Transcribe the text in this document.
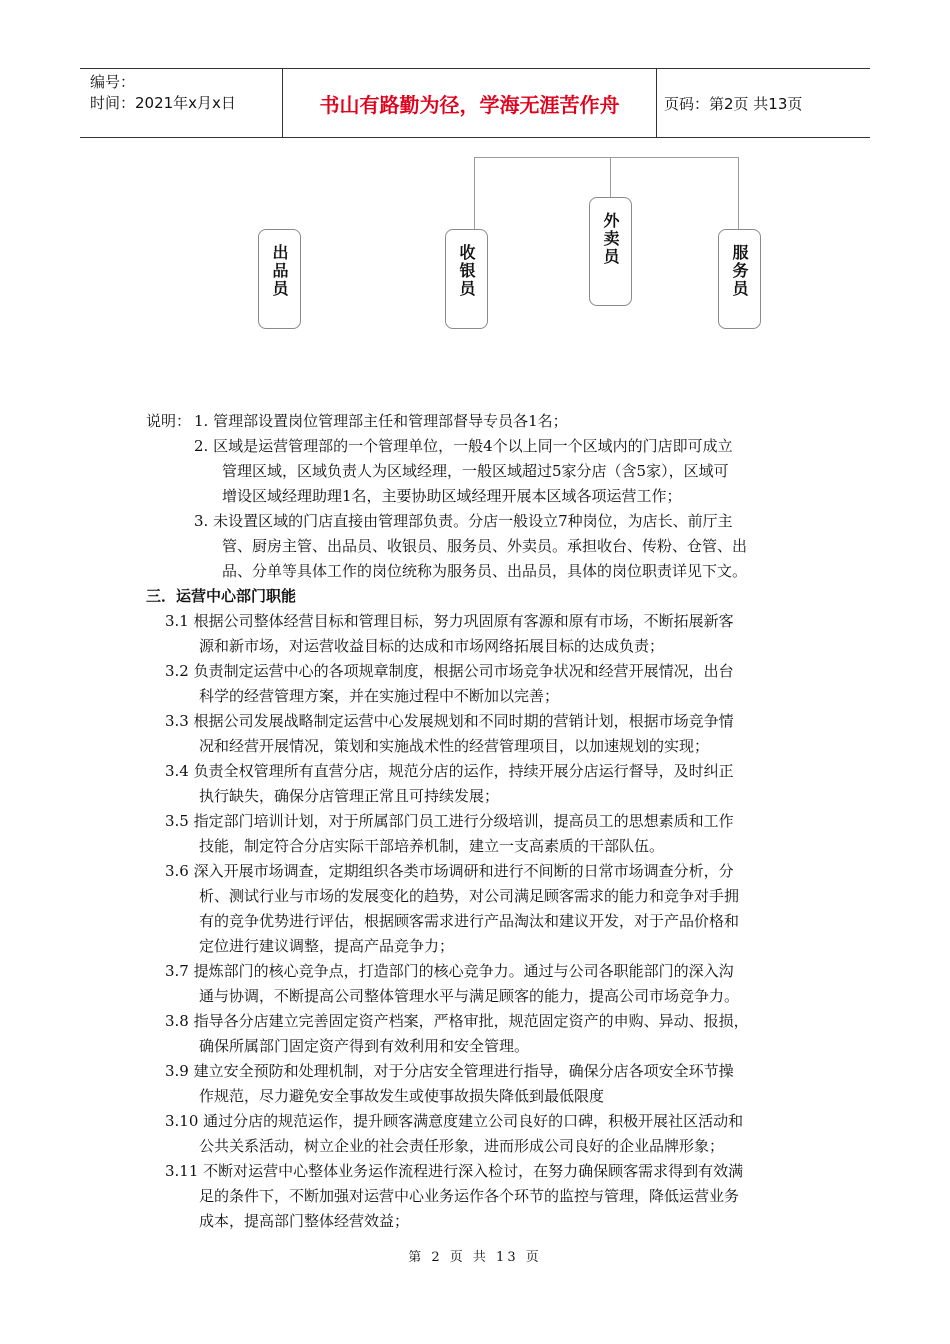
编号：
时间：2021年x月x日	书山有路勤为径，学海无涯苦作舟	页码：第2页 共13页
出品员	收银员
外卖员
服务员
说明： 1. 管理部设置岗位管理部主任和管理部督导专员各1名；
2. 区域是运营管理部的一个管理单位，一般4个以上同一个区域内的门店即可成立
管理区域，区域负责人为区域经理，一般区域超过5家分店（含5家），区域可
增设区域经理助理1名，主要协助区域经理开展本区域各项运营工作；
3. 未设置区域的门店直接由管理部负责。分店一般设立7种岗位，为店长、前厅主
管、厨房主管、出品员、收银员、服务员、外卖员。承担收台、传粉、仓管、出
品、分单等具体工作的岗位统称为服务员、出品员，具体的岗位职责详见下文。
三．运营中心部门职能
3.1 根据公司整体经营目标和管理目标，努力巩固原有客源和原有市场，不断拓展新客
源和新市场，对运营收益目标的达成和市场网络拓展目标的达成负责；
3.2 负责制定运营中心的各项规章制度，根据公司市场竞争状况和经营开展情况，出台
科学的经营管理方案，并在实施过程中不断加以完善；
3.3 根据公司发展战略制定运营中心发展规划和不同时期的营销计划，根据市场竞争情
况和经营开展情况，策划和实施战术性的经营管理项目，以加速规划的实现；
3.4 负责全权管理所有直营分店，规范分店的运作，持续开展分店运行督导，及时纠正
执行缺失，确保分店管理正常且可持续发展；
3.5 指定部门培训计划，对于所属部门员工进行分级培训，提高员工的思想素质和工作
技能，制定符合分店实际干部培养机制，建立一支高素质的干部队伍。
3.6 深入开展市场调查，定期组织各类市场调研和进行不间断的日常市场调查分析，分
析、测试行业与市场的发展变化的趋势，对公司满足顾客需求的能力和竞争对手拥
有的竞争优势进行评估，根据顾客需求进行产品淘汰和建议开发，对于产品价格和
定位进行建议调整，提高产品竞争力；
3.7 提炼部门的核心竞争点，打造部门的核心竞争力。通过与公司各职能部门的深入沟
通与协调，不断提高公司整体管理水平与满足顾客的能力，提高公司市场竞争力。
3.8 指导各分店建立完善固定资产档案，严格审批，规范固定资产的申购、异动、报损，
确保所属部门固定资产得到有效利用和安全管理。
3.9 建立安全预防和处理机制，对于分店安全管理进行指导，确保分店各项安全环节操
作规范，尽力避免安全事故发生或使事故损失降低到最低限度
3.10 通过分店的规范运作，提升顾客满意度建立公司良好的口碑，积极开展社区活动和
公共关系活动，树立企业的社会责任形象，进而形成公司良好的企业品牌形象；
3.11 不断对运营中心整体业务运作流程进行深入检讨，在努力确保顾客需求得到有效满
足的条件下，不断加强对运营中心业务运作各个环节的监控与管理，降低运营业务
成本，提高部门整体经营效益；
第 2 页 共 13 页
